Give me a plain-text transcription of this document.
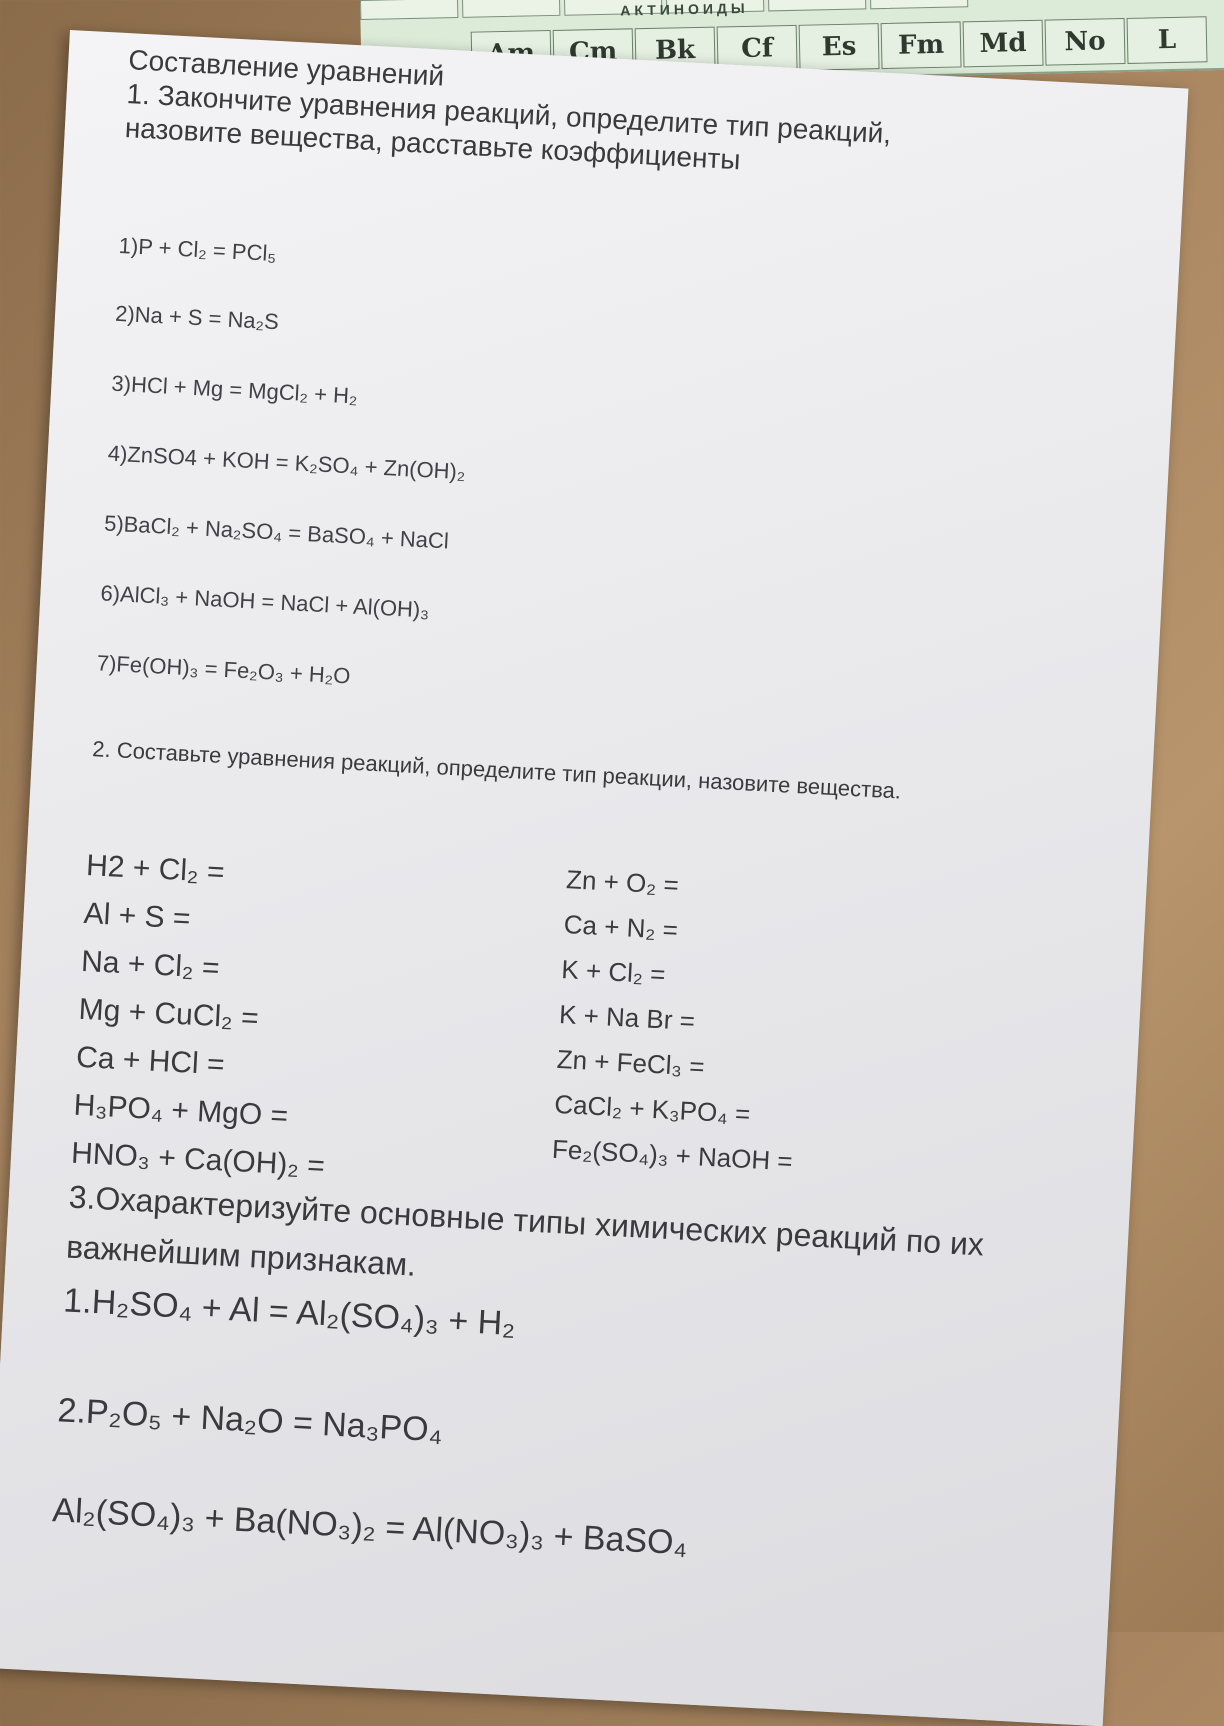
АКТИНОИДЫ
Cm	Bk	Cf	Es	Fm	Md	No	L
Составление уравнений
1. Закончите уравнения реакций, определите тип реакций, назовите вещества, расставьте коэффициенты
1)P + Cl₂ = PCl₅
2)Na + S = Na₂S
3)HCl + Mg = MgCl₂ + H₂
4)ZnSO4 + KOH = K₂SO₄ + Zn(OH)₂
5)BaCl₂ + Na₂SO₄ = BaSO₄ + NaCl
6)AlCl₃ + NaOH = NaCl + Al(OH)₃
7)Fe(OH)₃ = Fe₂O₃ + H₂O
2. Составьте уравнения реакций, определите тип реакции, назовите вещества.
H2 + Cl₂ =
Al + S =
Na + Cl₂ =
Mg + CuCl₂ =
Ca + HCl =
H₃PO₄ + MgO =
HNO₃ + Ca(OH)₂ =
Zn + O₂ =
Ca + N₂ =
K + Cl₂ =
K + Na Br =
Zn + FeCl₃ =
CaCl₂ + K₃PO₄ =
Fe₂(SO₄)₃ + NaOH =
3.Охарактеризуйте основные типы химических реакций по их важнейшим признакам.
1.H₂SO₄ + Al = Al₂(SO₄)₃ + H₂
2.P₂O₅ + Na₂O = Na₃PO₄
Al₂(SO₄)₃ + Ba(NO₃)₂ = Al(NO₃)₃ + BaSO₄
